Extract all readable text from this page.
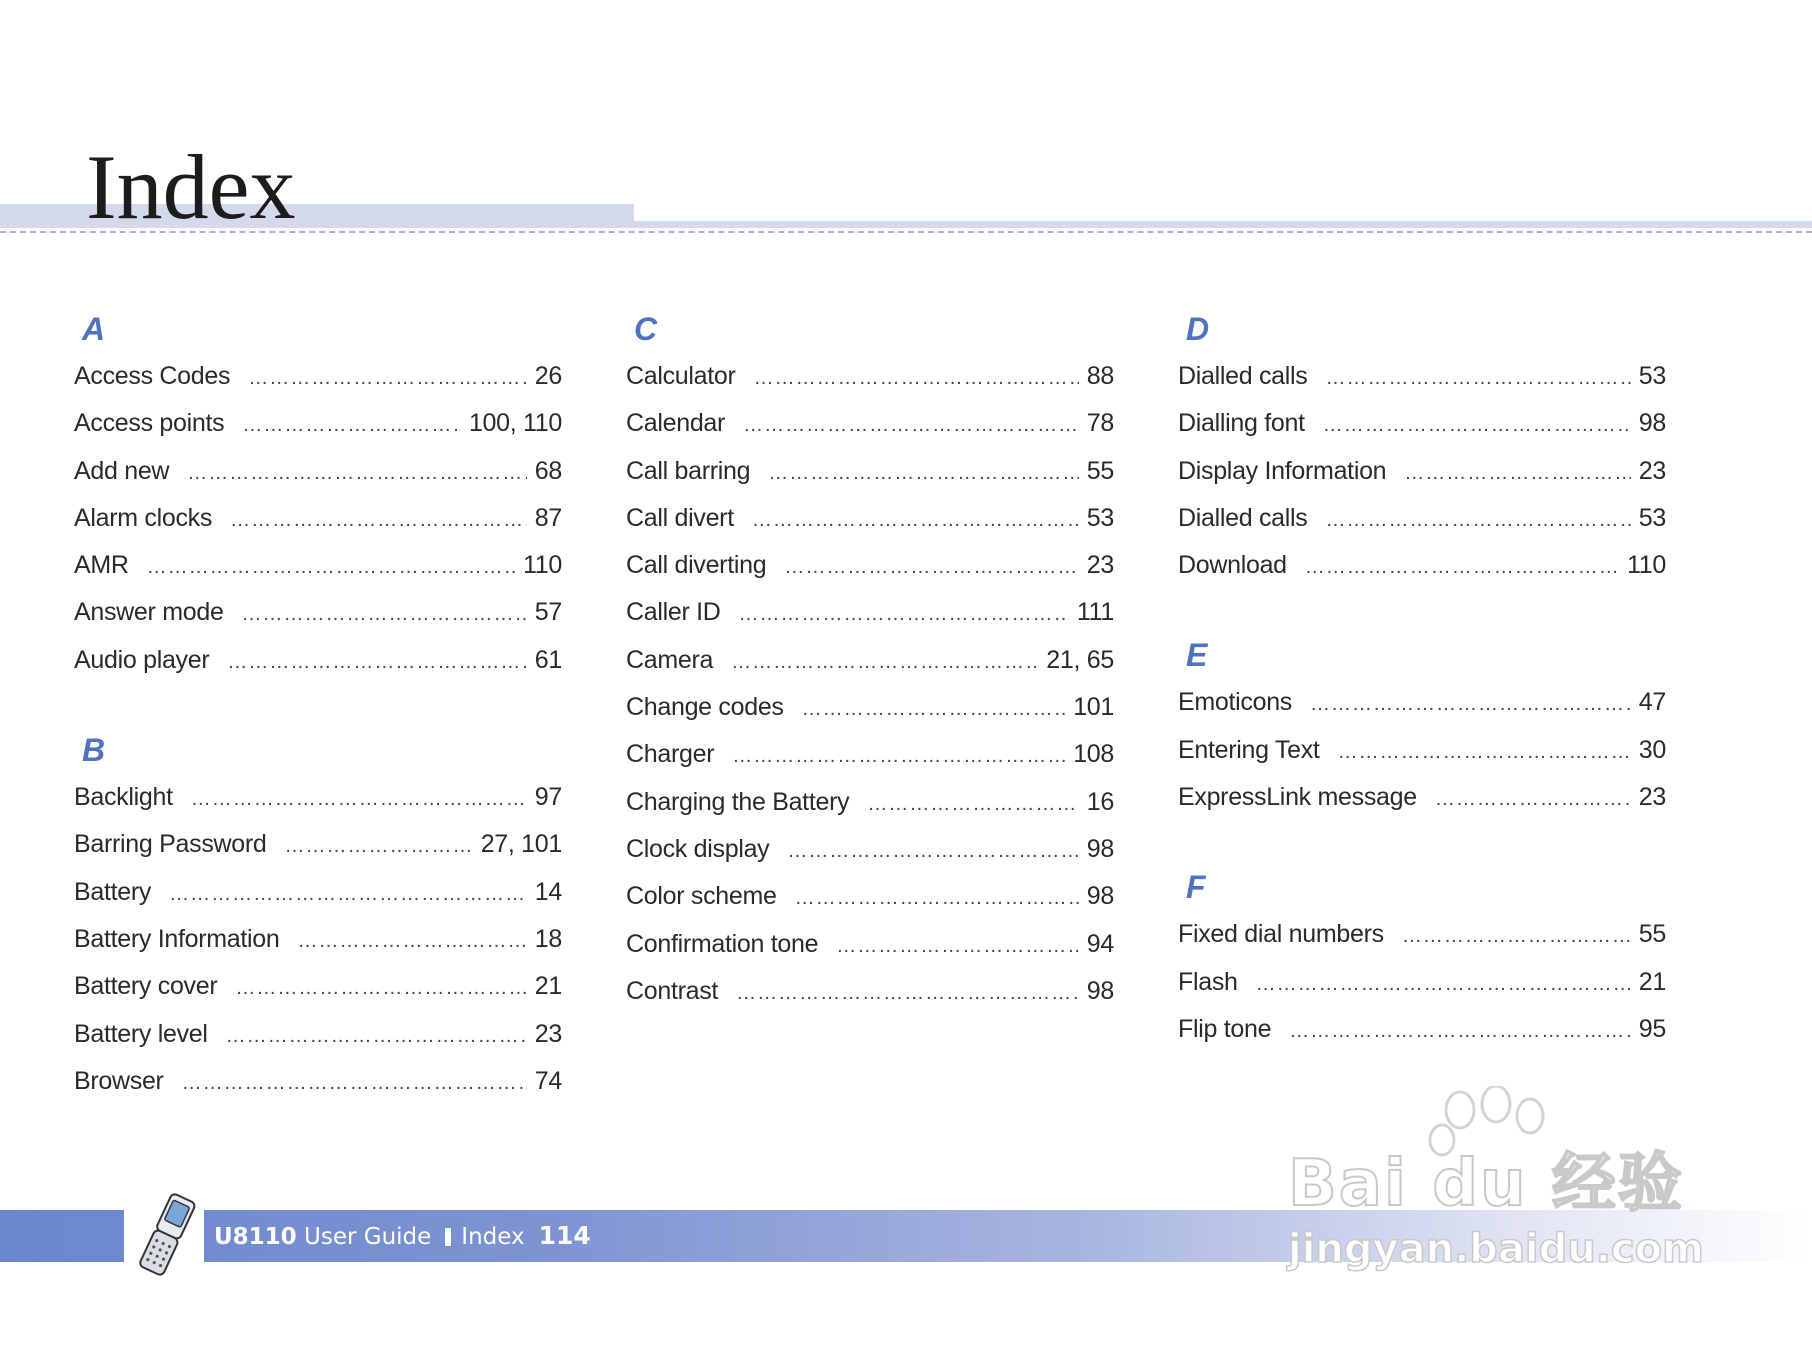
Index
A
Access Codes …………………………………………………………………………………………………………	26
Access points …………………………………………………………………………………………………………	100, 110
Add new …………………………………………………………………………………………………………	68
Alarm clocks …………………………………………………………………………………………………………	87
AMR …………………………………………………………………………………………………………	110
Answer mode …………………………………………………………………………………………………………	57
Audio player …………………………………………………………………………………………………………	61
B
Backlight …………………………………………………………………………………………………………	97
Barring Password …………………………………………………………………………………………………………	27, 101
Battery …………………………………………………………………………………………………………	14
Battery Information …………………………………………………………………………………………………………	18
Battery cover …………………………………………………………………………………………………………	21
Battery level …………………………………………………………………………………………………………	23
Browser …………………………………………………………………………………………………………	74
C
Calculator …………………………………………………………………………………………………………	88
Calendar …………………………………………………………………………………………………………	78
Call barring …………………………………………………………………………………………………………	55
Call divert …………………………………………………………………………………………………………	53
Call diverting …………………………………………………………………………………………………………	23
Caller ID …………………………………………………………………………………………………………	111
Camera …………………………………………………………………………………………………………	21, 65
Change codes …………………………………………………………………………………………………………	101
Charger …………………………………………………………………………………………………………	108
Charging the Battery …………………………………………………………………………………………………………	16
Clock display …………………………………………………………………………………………………………	98
Color scheme …………………………………………………………………………………………………………	98
Confirmation tone …………………………………………………………………………………………………………	94
Contrast …………………………………………………………………………………………………………	98
D
Dialled calls …………………………………………………………………………………………………………	53
Dialling font …………………………………………………………………………………………………………	98
Display Information …………………………………………………………………………………………………………	23
Dialled calls …………………………………………………………………………………………………………	53
Download …………………………………………………………………………………………………………	110
E
Emoticons …………………………………………………………………………………………………………	47
Entering Text …………………………………………………………………………………………………………	30
ExpressLink message …………………………………………………………………………………………………………	23
F
Fixed dial numbers …………………………………………………………………………………………………………	55
Flash …………………………………………………………………………………………………………	21
Flip tone …………………………………………………………………………………………………………	95
U8110 User Guide Index 114
Bai du 经验
jingyan.baidu.com
